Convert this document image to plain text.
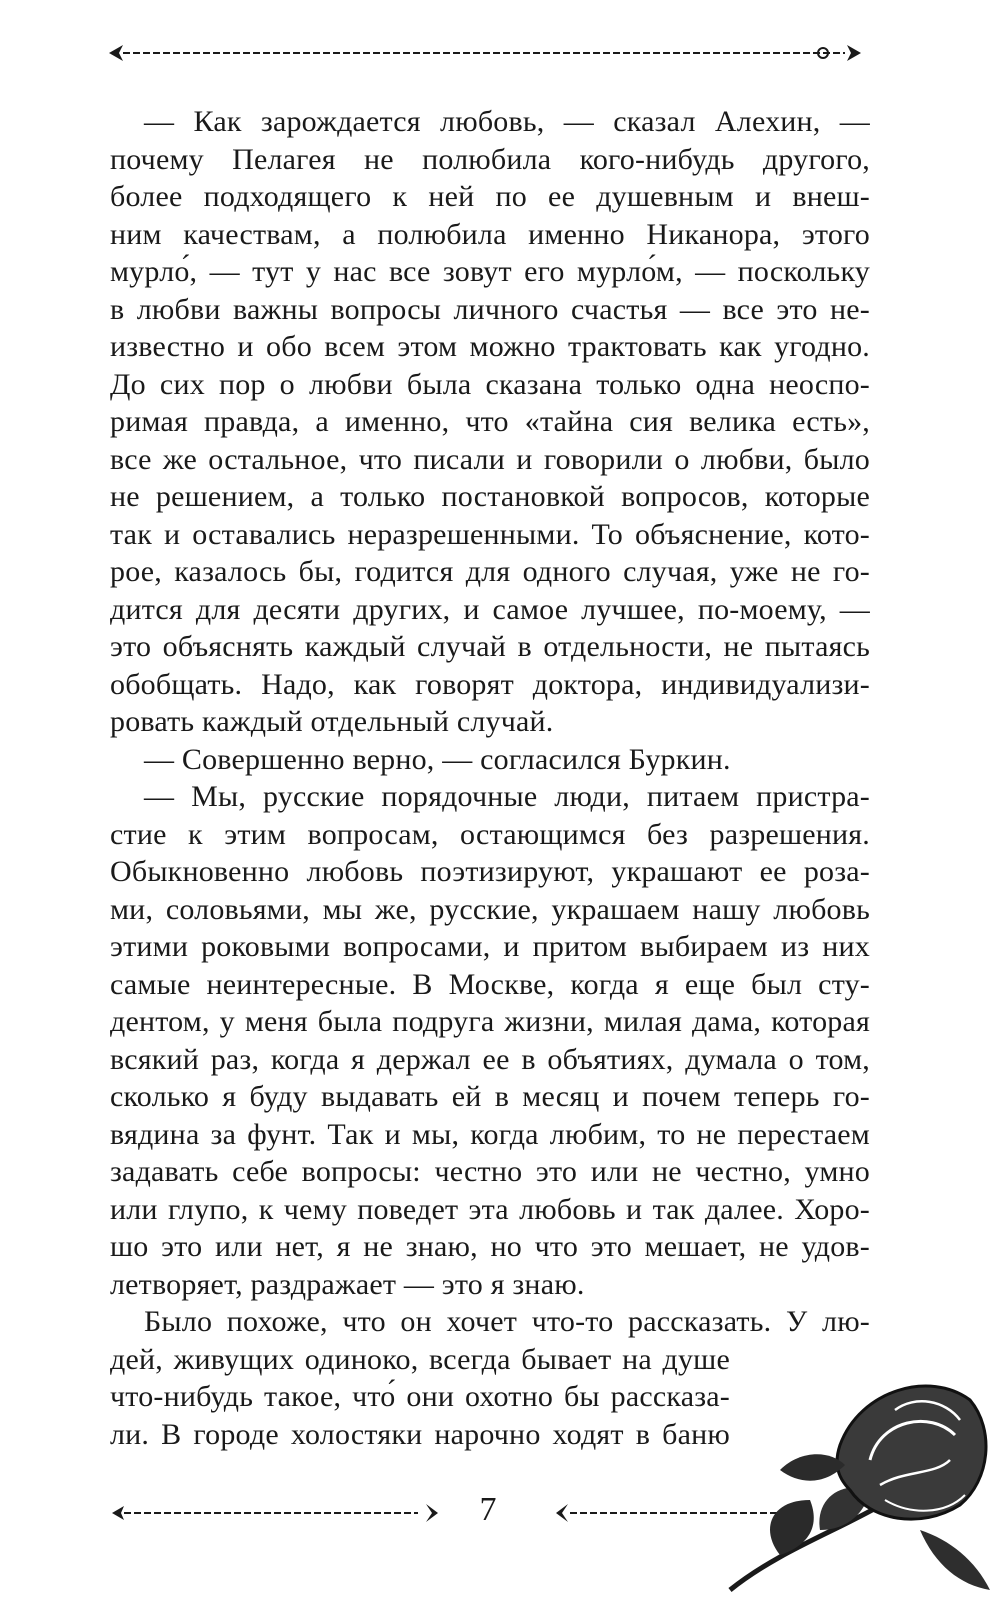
— Как зарождается любовь, — сказал Алехин, —
почему Пелагея не полюбила кого-нибудь другого,
более подходящего к ней по ее душевным и внеш-
ним качествам, а полюбила именно Никанора, этого
мурло́, — тут у нас все зовут его мурло́м, — поскольку
в любви важны вопросы личного счастья — все это не-
известно и обо всем этом можно трактовать как угодно.
До сих пор о любви была сказана только одна неоспо-
римая правда, а именно, что «тайна сия велика есть»,
все же остальное, что писали и говорили о любви, было
не решением, а только постановкой вопросов, которые
так и оставались неразрешенными. То объяснение, кото-
рое, казалось бы, годится для одного случая, уже не го-
дится для десяти других, и самое лучшее, по-моему, —
это объяснять каждый случай в отдельности, не пытаясь
обобщать. Надо, как говорят доктора, индивидуализи-
ровать каждый отдельный случай.
— Совершенно верно, — согласился Буркин.
— Мы, русские порядочные люди, питаем пристра-
стие к этим вопросам, остающимся без разрешения.
Обыкновенно любовь поэтизируют, украшают ее роза-
ми, соловьями, мы же, русские, украшаем нашу любовь
этими роковыми вопросами, и притом выбираем из них
самые неинтересные. В Москве, когда я еще был сту-
дентом, у меня была подруга жизни, милая дама, которая
всякий раз, когда я держал ее в объятиях, думала о том,
сколько я буду выдавать ей в месяц и почем теперь го-
вядина за фунт. Так и мы, когда любим, то не перестаем
задавать себе вопросы: честно это или не честно, умно
или глупо, к чему поведет эта любовь и так далее. Хоро-
шо это или нет, я не знаю, но что это мешает, не удов-
летворяет, раздражает — это я знаю.
Было похоже, что он хочет что-то рассказать. У лю-
дей, живущих одиноко, всегда бывает на душе
что-нибудь такое, что́ они охотно бы рассказа-
ли. В городе холостяки нарочно ходят в баню
7
